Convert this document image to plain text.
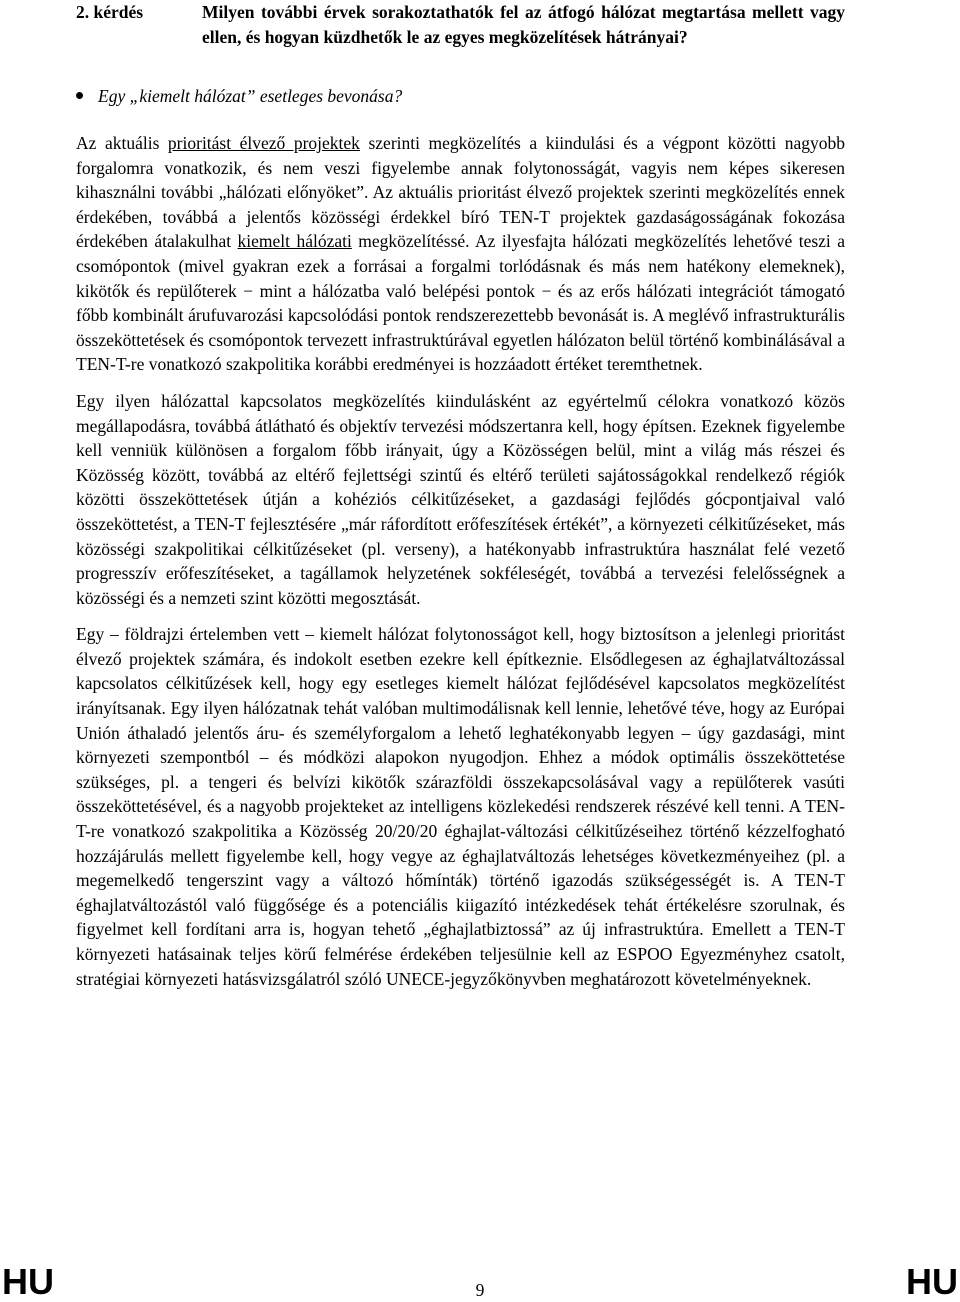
2. kérdés	Milyen további érvek sorakoztathatók fel az átfogó hálózat megtartása mellett vagy ellen, és hogyan küzdhetők le az egyes megközelítések hátrányai?
Egy „kiemelt hálózat” esetleges bevonása?

Az aktuális prioritást élvező projektek szerinti megközelítés a kiindulási és a végpont közötti nagyobb forgalomra vonatkozik, és nem veszi figyelembe annak folytonosságát, vagyis nem képes sikeresen kihasználni további „hálózati előnyöket”. Az aktuális prioritást élvező projektek szerinti megközelítés ennek érdekében, továbbá a jelentős közösségi érdekkel bíró TEN-T projektek gazdaságosságának fokozása érdekében átalakulhat kiemelt hálózati megközelítéssé. Az ilyesfajta hálózati megközelítés lehetővé teszi a csomópontok (mivel gyakran ezek a forrásai a forgalmi torlódásnak és más nem hatékony elemeknek), kikötők és repülőterek − mint a hálózatba való belépési pontok − és az erős hálózati integrációt támogató főbb kombinált árufuvarozási kapcsolódási pontok rendszerezettebb bevonását is. A meglévő infrastrukturális összeköttetések és csomópontok tervezett infrastruktúrával egyetlen hálózaton belül történő kombinálásával a TEN-T-re vonatkozó szakpolitika korábbi eredményei is hozzáadott értéket teremthetnek.

Egy ilyen hálózattal kapcsolatos megközelítés kiindulásként az egyértelmű célokra vonatkozó közös megállapodásra, továbbá átlátható és objektív tervezési módszertanra kell, hogy építsen. Ezeknek figyelembe kell venniük különösen a forgalom főbb irányait, úgy a Közösségen belül, mint a világ más részei és Közösség között, továbbá az eltérő fejlettségi szintű és eltérő területi sajátosságokkal rendelkező régiók közötti összeköttetések útján a kohéziós célkitűzéseket, a gazdasági fejlődés gócpontjaival való összeköttetést, a TEN-T fejlesztésére „már ráfordított erőfeszítések értékét”, a környezeti célkitűzéseket, más közösségi szakpolitikai célkitűzéseket (pl. verseny), a hatékonyabb infrastruktúra használat felé vezető progresszív erőfeszítéseket, a tagállamok helyzetének sokféleségét, továbbá a tervezési felelősségnek a közösségi és a nemzeti szint közötti megosztását.

Egy – földrajzi értelemben vett – kiemelt hálózat folytonosságot kell, hogy biztosítson a jelenlegi prioritást élvező projektek számára, és indokolt esetben ezekre kell építkeznie. Elsődlegesen az éghajlatváltozással kapcsolatos célkitűzések kell, hogy egy esetleges kiemelt hálózat fejlődésével kapcsolatos megközelítést irányítsanak. Egy ilyen hálózatnak tehát valóban multimodálisnak kell lennie, lehetővé téve, hogy az Európai Unión áthaladó jelentős áru- és személyforgalom a lehető leghatékonyabb legyen – úgy gazdasági, mint környezeti szempontból – és módközi alapokon nyugodjon. Ehhez a módok optimális összeköttetése szükséges, pl. a tengeri és belvízi kikötők szárazföldi összekapcsolásával vagy a repülőterek vasúti összeköttetésével, és a nagyobb projekteket az intelligens közlekedési rendszerek részévé kell tenni. A TEN-T-re vonatkozó szakpolitika a Közösség 20/20/20 éghajlat-változási célkitűzéseihez történő kézzelfogható hozzájárulás mellett figyelembe kell, hogy vegye az éghajlatváltozás lehetséges következményeihez (pl. a megemelkedő tengerszint vagy a változó hőmínták) történő igazodás szükségességét is. A TEN-T éghajlatváltozástól való függősége és a potenciális kiigazító intézkedések tehát értékelésre szorulnak, és figyelmet kell fordítani arra is, hogyan tehető „éghajlatbiztossá” az új infrastruktúra. Emellett a TEN-T környezeti hatásainak teljes körű felmérése érdekében teljesülnie kell az ESPOO Egyezményhez csatolt, stratégiai környezeti hatásvizsgálatról szóló UNECE-jegyzőkönyvben meghatározott követelményeknek.

HU	9	HU
